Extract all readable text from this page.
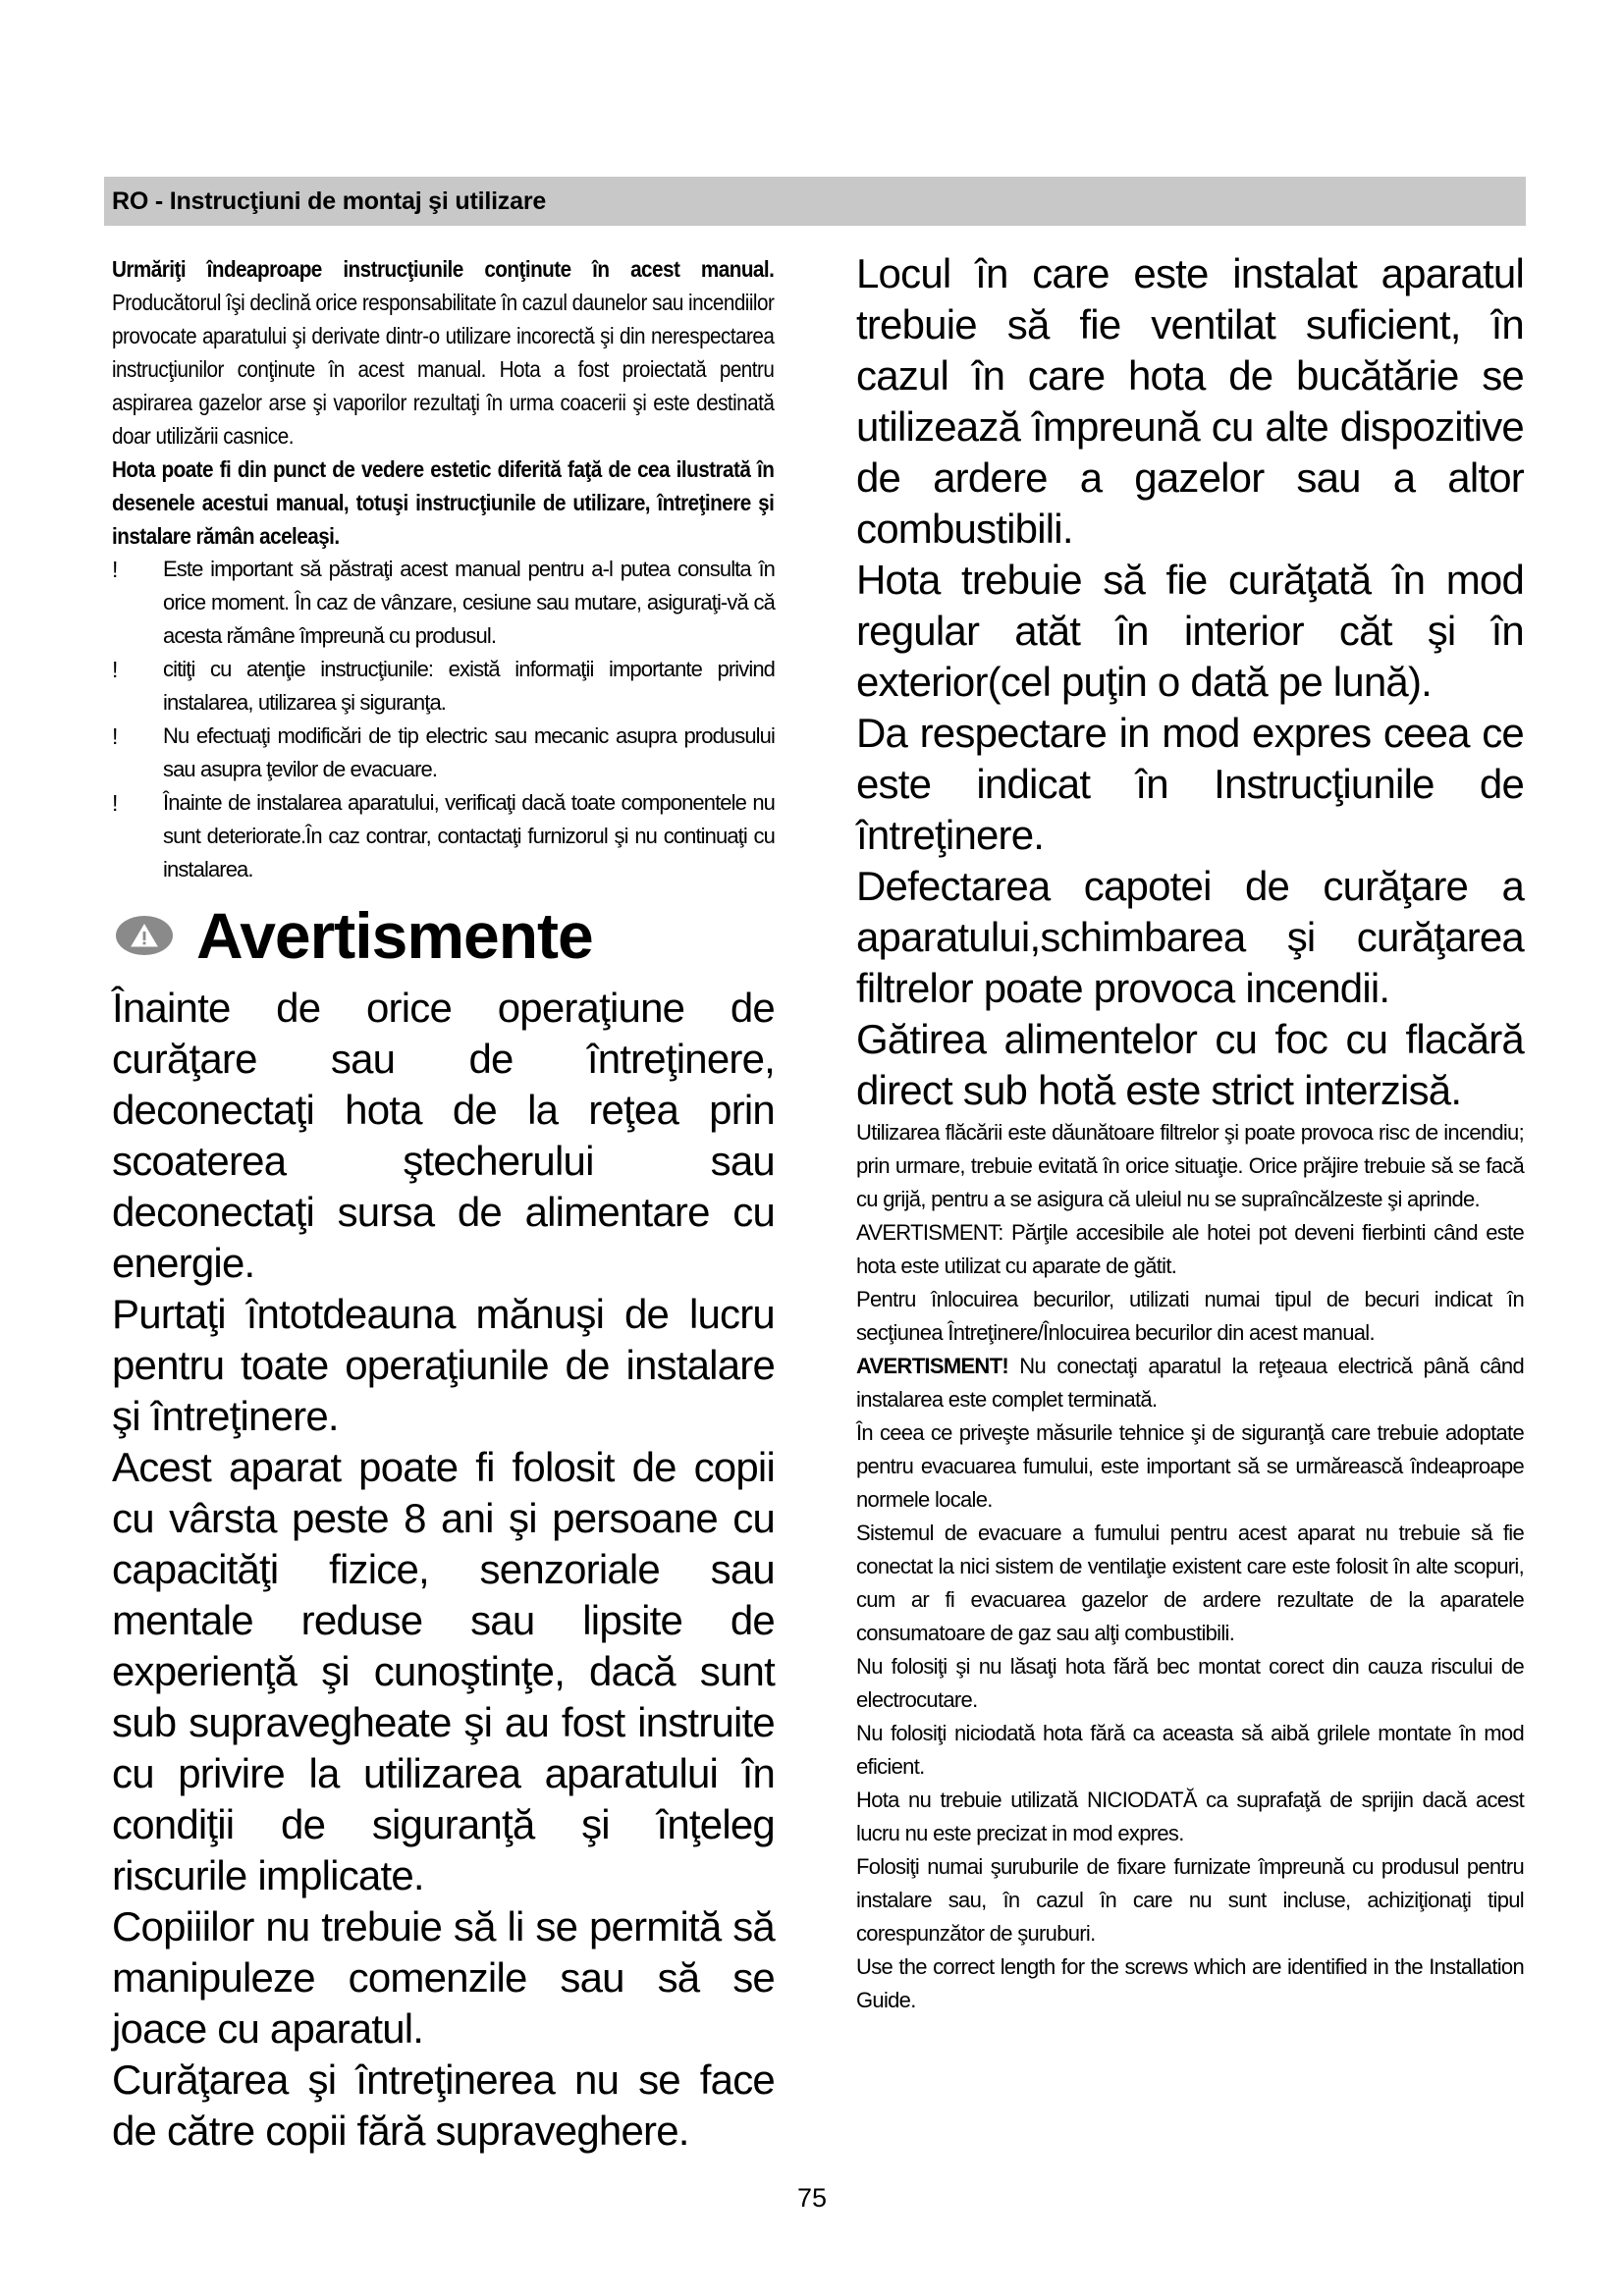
RO - Instrucţiuni de montaj şi utilizare

Urmăriţi îndeaproape instrucţiunile conţinute în acest manual. Producătorul îşi declină orice responsabilitate în cazul daunelor sau incendiilor provocate aparatului şi derivate dintr-o utilizare incorectă şi din nerespectarea instrucţiunilor conţinute în acest manual. Hota a fost proiectată pentru aspirarea gazelor arse şi vaporilor rezultaţi în urma coacerii şi este destinată doar utilizării casnice.

Hota poate fi din punct de vedere estetic diferită faţă de cea ilustrată în desenele acestui manual, totuşi instrucţiunile de utilizare, întreţinere şi instalare rămân aceleaşi.

!	Este important să păstraţi acest manual pentru a-l putea consulta în orice moment. În caz de vânzare, cesiune sau mutare, asiguraţi-vă că acesta rămâne împreună cu produsul.

!	citiţi cu atenţie instrucţiunile: există informaţii importante privind instalarea, utilizarea şi siguranţa.

!	Nu efectuaţi modificări de tip electric sau mecanic asupra produsului sau asupra ţevilor de evacuare.

!	Înainte de instalarea aparatului, verificaţi dacă toate componentele nu sunt deteriorate.În caz contrar, contactaţi furnizorul şi nu continuaţi cu instalarea.

Avertismente

Înainte de orice operaţiune de curăţare sau de întreţinere, deconectaţi hota de la reţea prin scoaterea ştecherului sau deconectaţi sursa de alimentare cu energie.

Purtaţi întotdeauna mănuşi de lucru pentru toate operaţiunile de instalare şi întreţinere.

Acest aparat poate fi folosit de copii cu vârsta peste 8 ani şi persoane cu capacităţi fizice, senzoriale sau mentale reduse sau lipsite de experienţă şi cunoştinţe, dacă sunt sub supravegheate şi au fost instruite cu privire la utilizarea aparatului în condiţii de siguranţă şi înţeleg riscurile implicate.

Copiiilor nu trebuie să li se permită să manipuleze comenzile sau să se joace cu aparatul.

Curăţarea şi întreţinerea nu se face de către copii fără supraveghere.

Locul în care este instalat aparatul trebuie să fie ventilat suficient, în cazul în care hota de bucătărie se utilizează împreună cu alte dispozitive de ardere a gazelor sau a altor combustibili.

Hota trebuie să fie curăţată în mod regular atăt în interior căt şi în exterior(cel puţin o dată pe lună).

Da respectare in mod expres ceea ce este indicat în Instrucţiunile de întreţinere.

Defectarea capotei de curăţare a aparatului,schimbarea şi curăţarea filtrelor poate provoca incendii.

Gătirea alimentelor cu foc cu flacără direct sub hotă este strict interzisă.

Utilizarea flăcării este dăunătoare filtrelor şi poate provoca risc de incendiu; prin urmare, trebuie evitată în orice situaţie. Orice prăjire trebuie să se facă cu grijă, pentru a se asigura că uleiul nu se supraîncălzeste şi aprinde.

AVERTISMENT: Părţile accesibile ale hotei pot deveni fierbinti când este hota este utilizat cu aparate de gătit.

Pentru înlocuirea becurilor, utilizati numai tipul de becuri indicat în secţiunea Întreţinere/Înlocuirea becurilor din acest manual.

AVERTISMENT! Nu conectaţi aparatul la reţeaua electrică până când instalarea este complet terminată.

În ceea ce priveşte măsurile tehnice şi de siguranţă care trebuie adoptate pentru evacuarea fumului, este important să se urmărească îndeaproape normele locale.

Sistemul de evacuare a fumului pentru acest aparat nu trebuie să fie conectat la nici sistem de ventilaţie existent care este folosit în alte scopuri, cum ar fi evacuarea gazelor de ardere rezultate de la aparatele consumatoare de gaz sau alţi combustibili.

Nu folosiţi şi nu lăsaţi hota fără bec montat corect din cauza riscului de electrocutare.

Nu folosiţi niciodată hota fără ca aceasta să aibă grilele montate în mod eficient.

Hota nu trebuie utilizată NICIODATĂ ca suprafaţă de sprijin dacă acest lucru nu este precizat in mod expres.

Folosiţi numai şuruburile de fixare furnizate împreună cu produsul pentru instalare sau, în cazul în care nu sunt incluse, achiziţionaţi tipul corespunzător de şuruburi.

Use the correct length for the screws which are identified in the Installation Guide.

75
